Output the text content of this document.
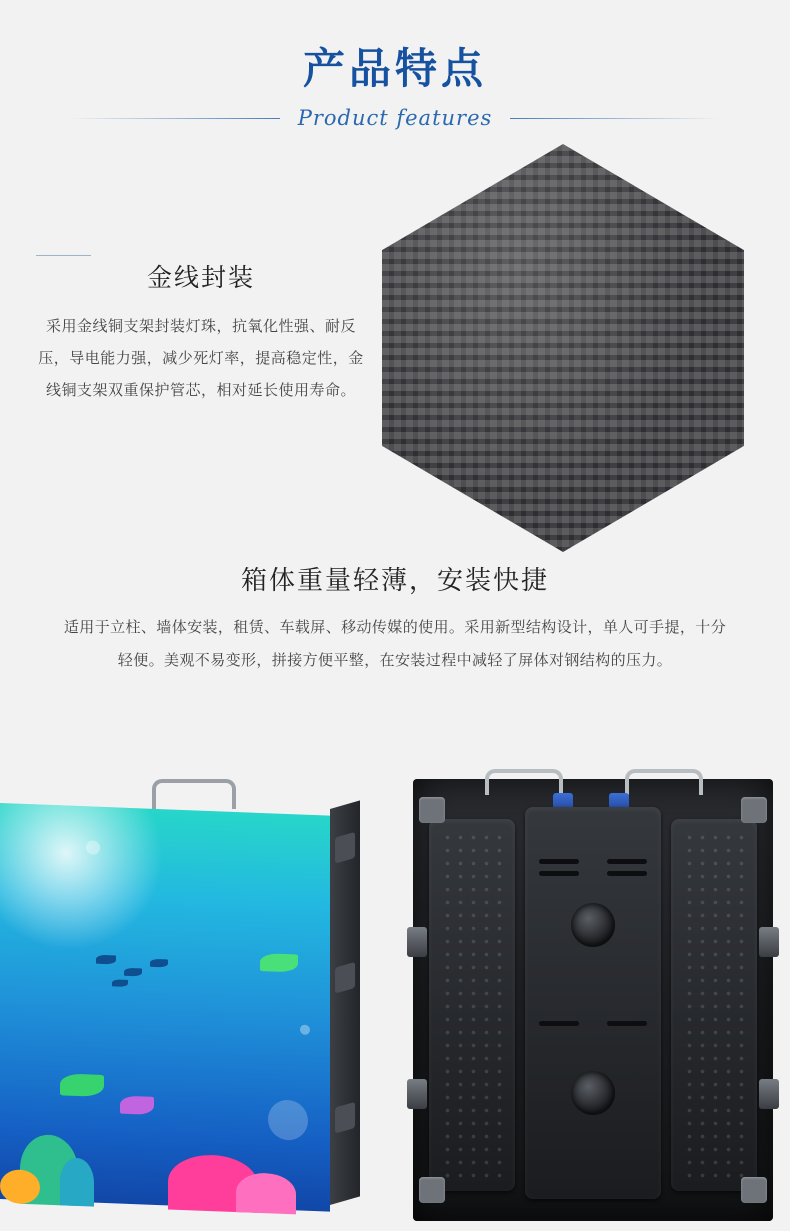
产品特点
Product features
金线封装
采用金线铜支架封装灯珠，抗氧化性强、耐反压，导电能力强，减少死灯率，提高稳定性，金线铜支架双重保护管芯，相对延长使用寿命。
箱体重量轻薄，安装快捷
适用于立柱、墙体安装，租赁、车载屏、移动传媒的使用。采用新型结构设计，单人可手提，十分轻便。美观不易变形，拼接方便平整，在安装过程中减轻了屏体对钢结构的压力。
